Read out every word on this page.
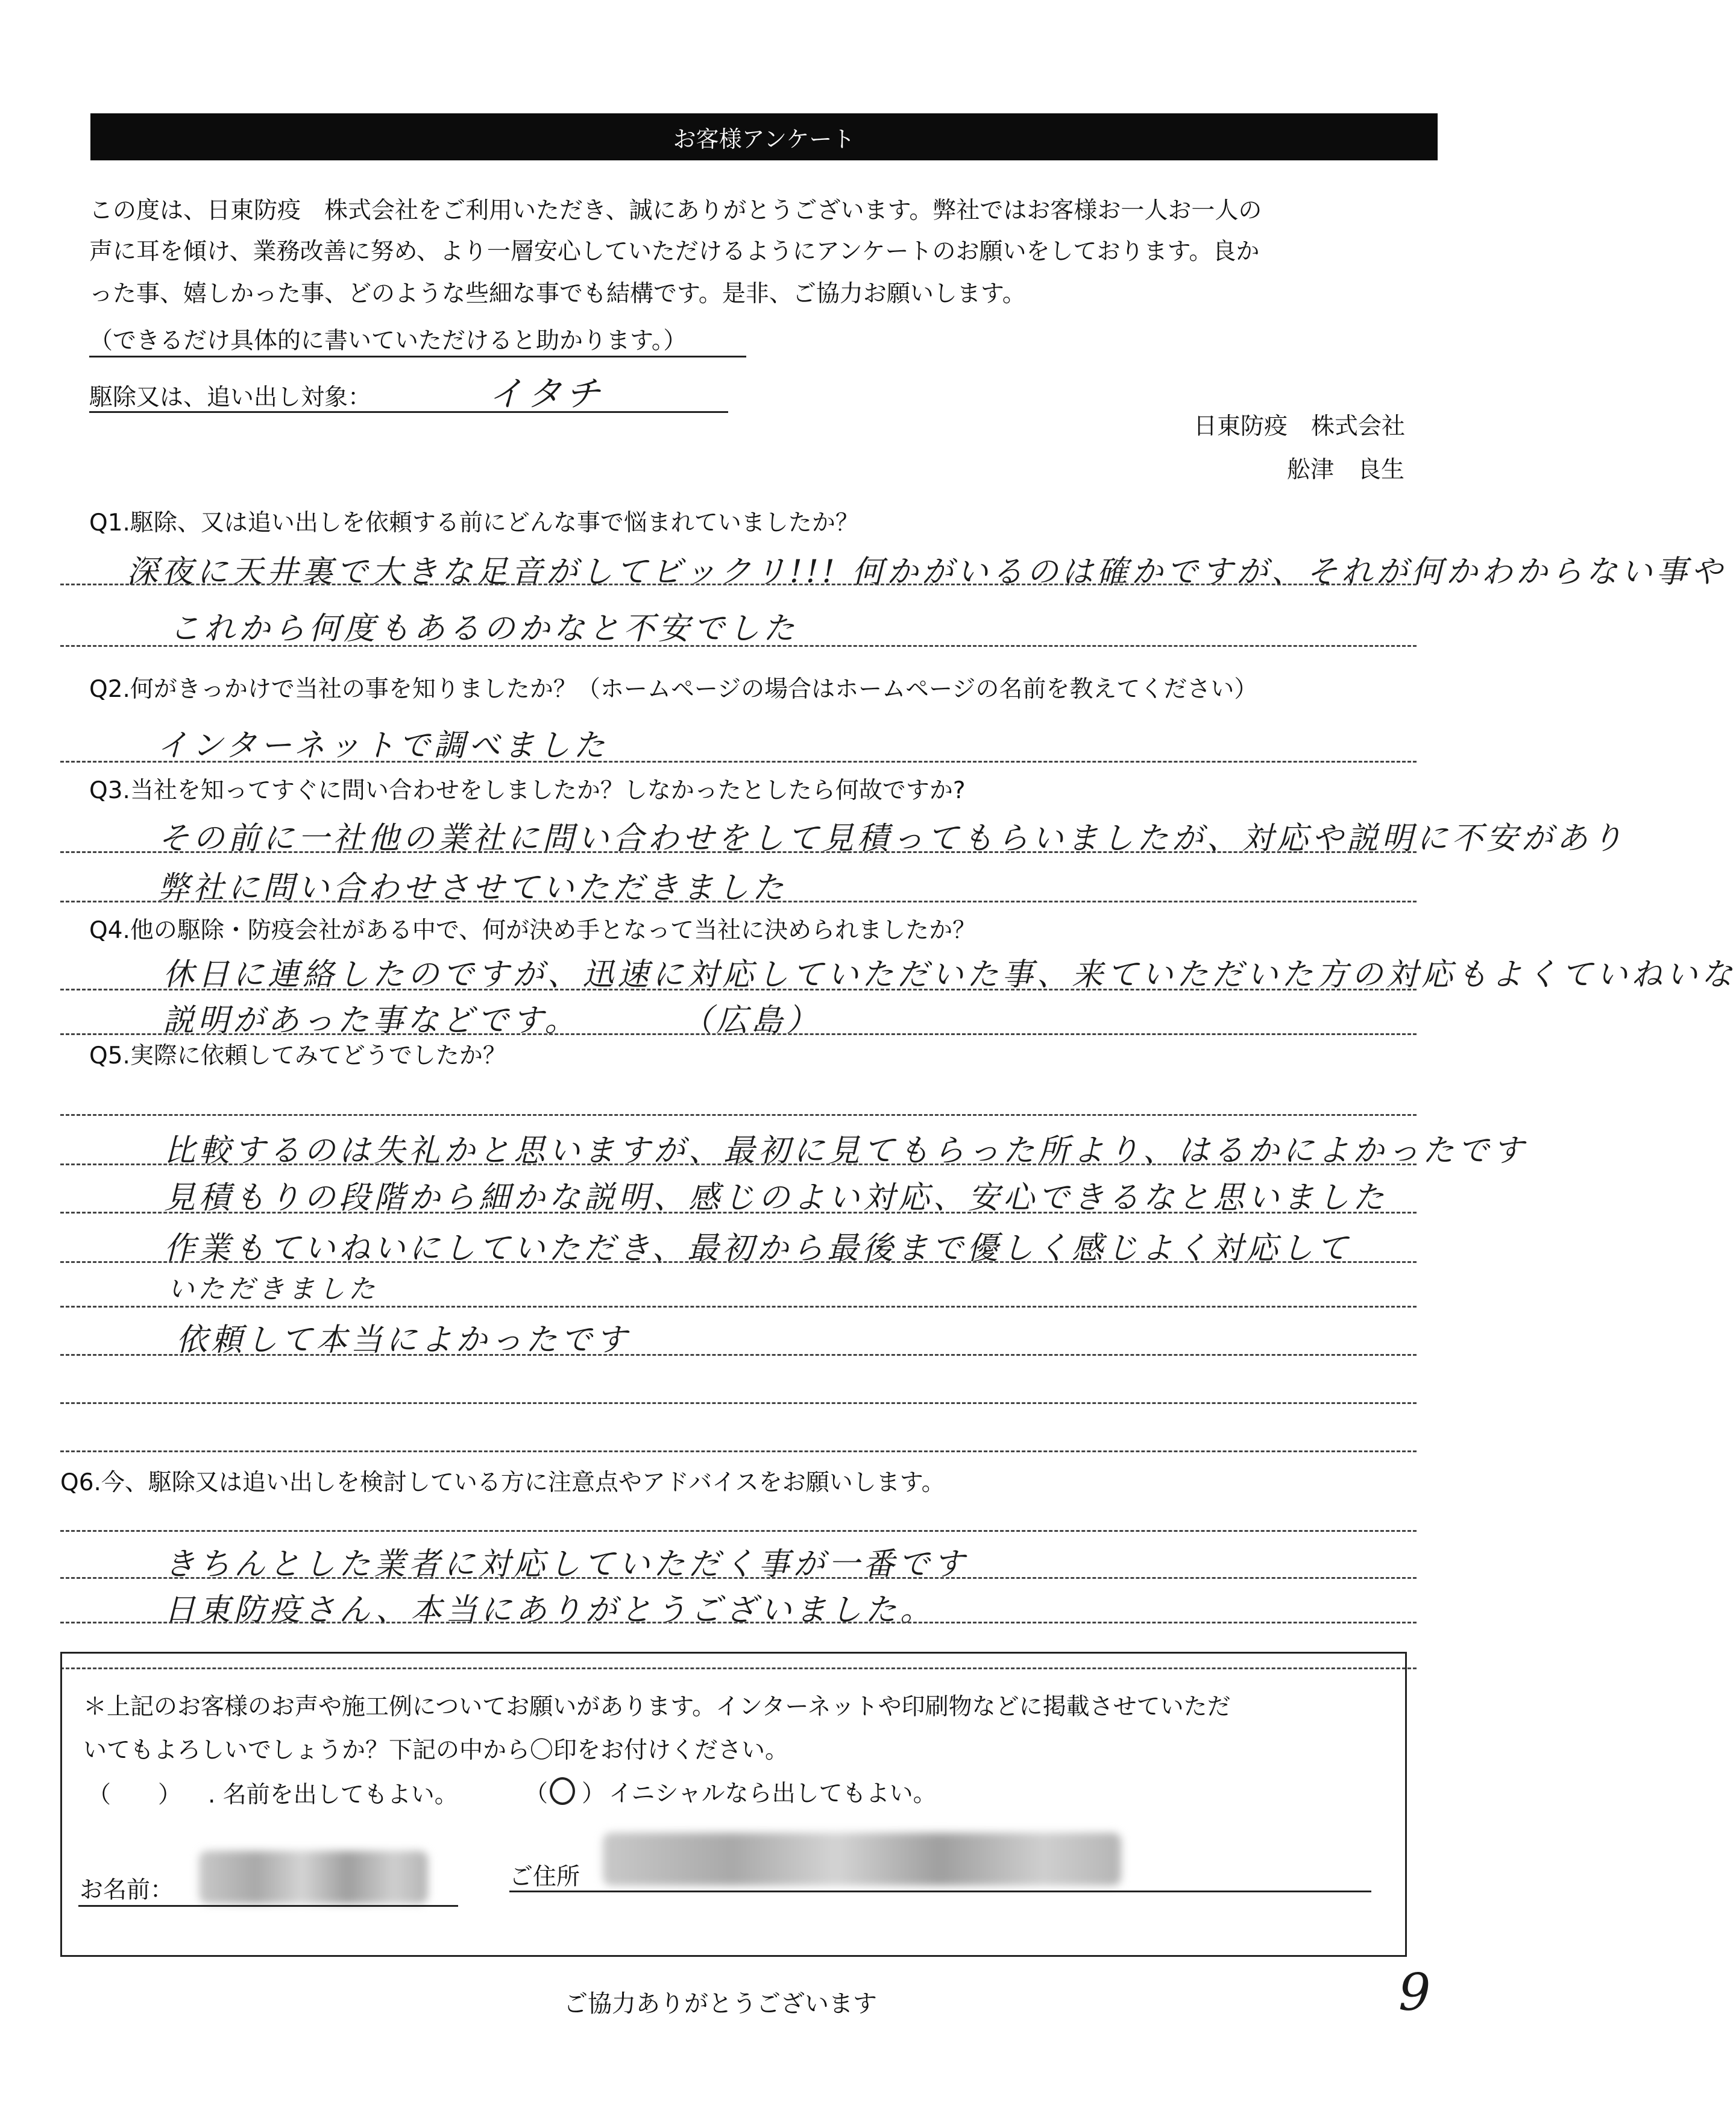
お客様アンケート
この度は、日東防疫　株式会社をご利用いただき、誠にありがとうございます。弊社ではお客様お一人お一人の
声に耳を傾け、業務改善に努め、より一層安心していただけるようにアンケートのお願いをしております。良か
った事、嬉しかった事、どのような些細な事でも結構です。是非、ご協力お願いします。
（できるだけ具体的に書いていただけると助かります。）
駆除又は、追い出し対象：	イタチ
日東防疫　株式会社
舩津　良生
Q1.駆除、又は追い出しを依頼する前にどんな事で悩まれていましたか？
深夜に天井裏で大きな足音がしてビックリ!!! 何かがいるのは確かですが、それが何かわからない事や
これから何度もあるのかなと不安でした
Q2.何がきっかけで当社の事を知りましたか？（ホームページの場合はホームページの名前を教えてください）
インターネットで調べました
Q3.当社を知ってすぐに問い合わせをしましたか？しなかったとしたら何故ですか?
その前に一社他の業社に問い合わせをして見積ってもらいましたが、対応や説明に不安があり
弊社に問い合わせさせていただきました
Q4.他の駆除・防疫会社がある中で、何が決め手となって当社に決められましたか？
休日に連絡したのですが、迅速に対応していただいた事、来ていただいた方の対応もよくていねいな
説明があった事などです。	（広島）
Q5.実際に依頼してみてどうでしたか？
比較するのは失礼かと思いますが、最初に見てもらった所より、はるかによかったです
見積もりの段階から細かな説明、感じのよい対応、安心できるなと思いました
作業もていねいにしていただき、最初から最後まで優しく感じよく対応して
いただきました
依頼して本当によかったです
Q6.今、駆除又は追い出しを検討している方に注意点やアドバイスをお願いします。
きちんとした業者に対応していただく事が一番です
日東防疫さん、本当にありがとうございました。
＊上記のお客様のお声や施工例についてお願いがあります。インターネットや印刷物などに掲載させていただ
いてもよろしいでしょうか？下記の中から〇印をお付けください。
（　　） . 名前を出してもよい。	（ ） イニシャルなら出してもよい。
お名前：	ご住所
ご協力ありがとうございます	9
